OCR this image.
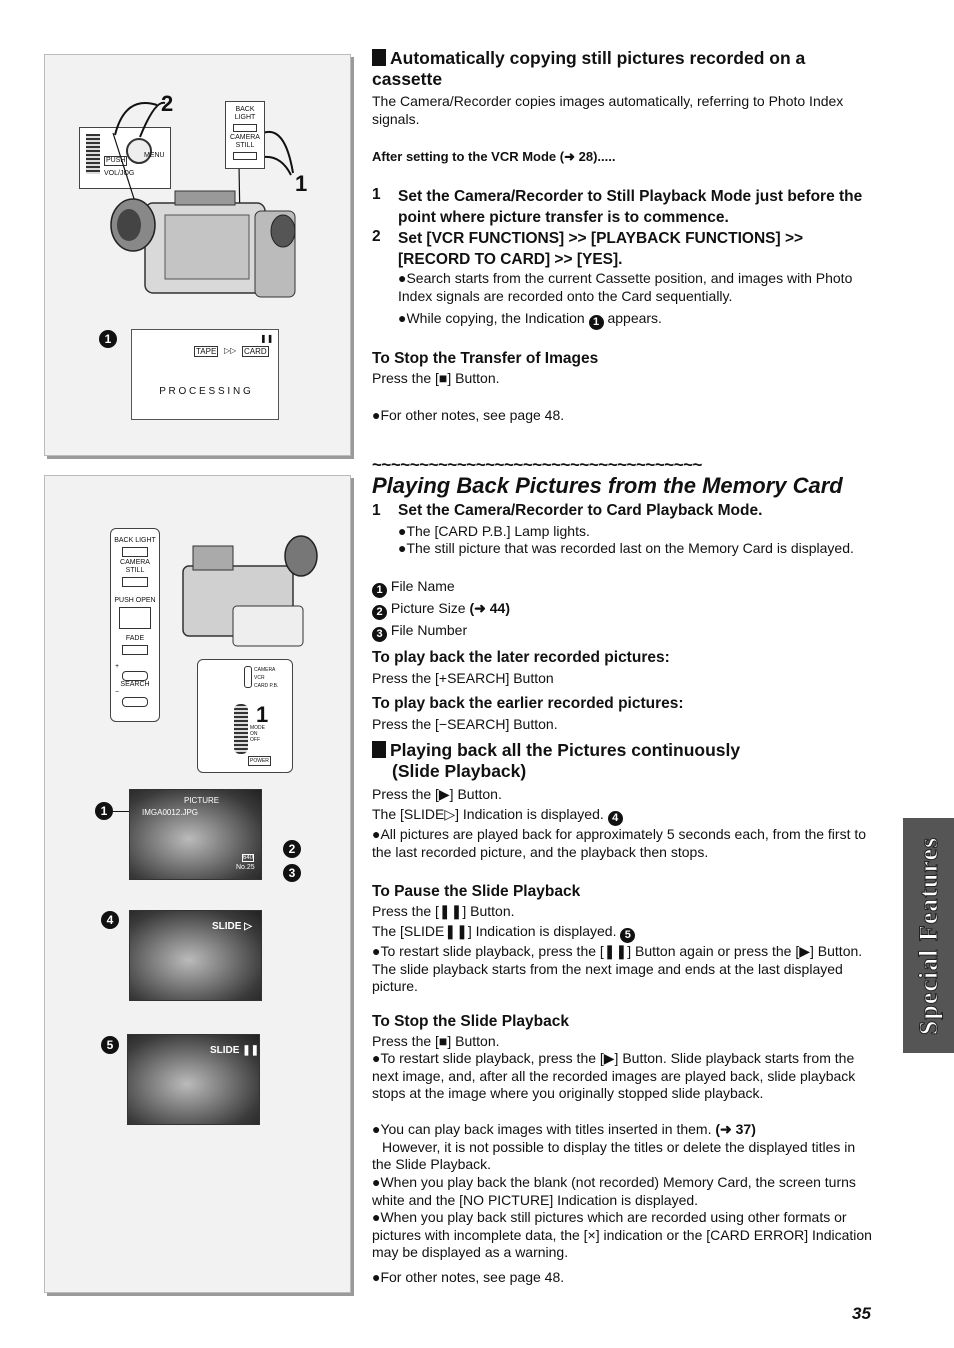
PUSH
MENU
VOL/JOG
2	BACK LIGHT
CAMERA STILL
1
1	❚❚
TAPE ▷▷ CARD
P R O C E S S I N G
Automatically copying still pictures recorded on a cassette
The Camera/Recorder copies images automatically, referring to Photo Index signals.
After setting to the VCR Mode (➜ 28).....
1 Set the Camera/Recorder to Still Playback Mode just before the point where picture transfer is to commence.
2 Set [VCR FUNCTIONS] >> [PLAYBACK FUNCTIONS] >> [RECORD TO CARD] >> [YES].
●Search starts from the current Cassette position, and images with Photo Index signals are recorded onto the Card sequentially.
●While copying, the Indication 1 appears.
To Stop the Transfer of Images
Press the [■] Button.
●For other notes, see page 48.
BACK LIGHT
CAMERA STILL
PUSH OPEN
FADE
+
SEARCH
−
CAMERA
VCR
CARD P.B.
1
MODE
ON
OFF
POWER
1
PICTURE
IMGA0012.JPG
640
No.25
2
3
4	SLIDE ▷
5	SLIDE ❚❚
~~~~~~~~~~~~~~~~~~~~~~~~~~~~~~~~~~~
Playing Back Pictures from the Memory Card
1 Set the Camera/Recorder to Card Playback Mode.
●The [CARD P.B.] Lamp lights.
●The still picture that was recorded last on the Memory Card is displayed.
1 File Name
2 Picture Size (➜ 44)
3 File Number
To play back the later recorded pictures:
Press the [+SEARCH] Button
To play back the earlier recorded pictures:
Press the [−SEARCH] Button.
Playing back all the Pictures continuously
(Slide Playback)
Press the [▶] Button.
The [SLIDE▷] Indication is displayed. 4
●All pictures are played back for approximately 5 seconds each, from the first to the last recorded picture, and the playback then stops.
To Pause the Slide Playback
Press the [❚❚] Button.
The [SLIDE❚❚] Indication is displayed. 5
●To restart slide playback, press the [❚❚] Button again or press the [▶] Button. The slide playback starts from the next image and ends at the last displayed picture.
To Stop the Slide Playback
Press the [■] Button.
●To restart slide playback, press the [▶] Button. Slide playback starts from the next image, and, after all the recorded images are played back, slide playback stops at the image where you originally stopped slide playback.
●You can play back images with titles inserted in them. (➜ 37)
However, it is not possible to display the titles or delete the displayed titles in the Slide Playback.
●When you play back the blank (not recorded) Memory Card, the screen turns white and the [NO PICTURE] Indication is displayed.
●When you play back still pictures which are recorded using other formats or pictures with incomplete data, the [×] indication or the [CARD ERROR] Indication may be displayed as a warning.
●For other notes, see page 48.
Special Features
35
